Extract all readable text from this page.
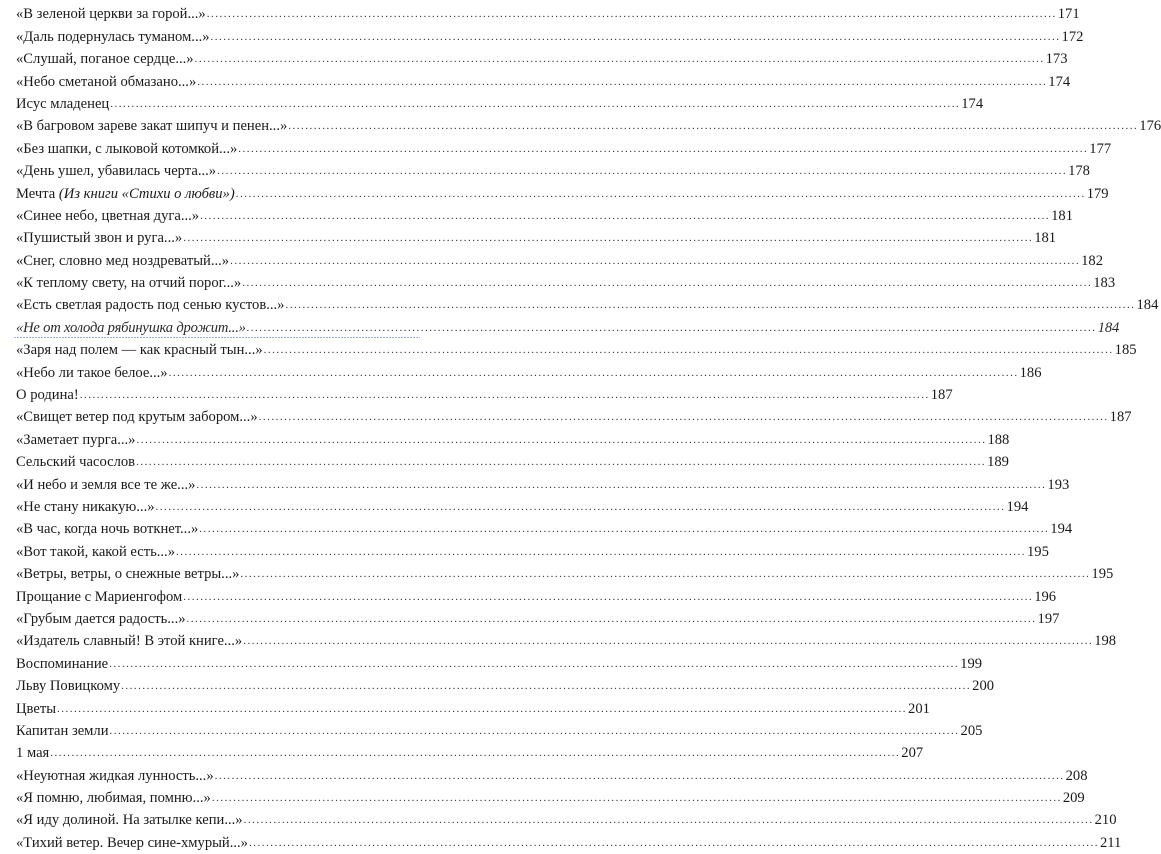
«В зеленой церкви за горой...» ........................................................................................................................................................................................................ 171
«Даль подернулась туманом...» ........................................................................................................................................................................................................ 172
«Слушай, поганое сердце...» ........................................................................................................................................................................................................ 173
«Небо сметаной обмазано...» ........................................................................................................................................................................................................ 174
Исус младенец ........................................................................................................................................................................................................ 174
«В багровом зареве закат шипуч и пенен...» ........................................................................................................................................................................................................ 176
«Без шапки, с лыковой котомкой...» ........................................................................................................................................................................................................ 177
«День ушел, убавилась черта...» ........................................................................................................................................................................................................ 178
Мечта (Из книги «Стихи о любви») ........................................................................................................................................................................................................ 179
«Синее небо, цветная дуга...» ........................................................................................................................................................................................................ 181
«Пушистый звон и руга...» ........................................................................................................................................................................................................ 181
«Снег, словно мед ноздреватый...» ........................................................................................................................................................................................................ 182
«К теплому свету, на отчий порог...» ........................................................................................................................................................................................................ 183
«Есть светлая радость под сенью кустов...» ........................................................................................................................................................................................................ 184
«Не от холода рябинушка дрожит...» ........................................................................................................................................................................................................ 184
«Заря над полем — как красный тын...» ........................................................................................................................................................................................................ 185
«Небо ли такое белое...» ........................................................................................................................................................................................................ 186
О родина! ........................................................................................................................................................................................................ 187
«Свищет ветер под крутым забором...» ........................................................................................................................................................................................................ 187
«Заметает пурга...» ........................................................................................................................................................................................................ 188
Сельский часослов ........................................................................................................................................................................................................ 189
«И небо и земля все те же...» ........................................................................................................................................................................................................ 193
«Не стану никакую...» ........................................................................................................................................................................................................ 194
«В час, когда ночь воткнет...» ........................................................................................................................................................................................................ 194
«Вот такой, какой есть...» ........................................................................................................................................................................................................ 195
«Ветры, ветры, о снежные ветры...» ........................................................................................................................................................................................................ 195
Прощание с Мариенгофом ........................................................................................................................................................................................................ 196
«Грубым дается радость...» ........................................................................................................................................................................................................ 197
«Издатель славный! В этой книге...» ........................................................................................................................................................................................................ 198
Воспоминание ........................................................................................................................................................................................................ 199
Льву Повицкому ........................................................................................................................................................................................................ 200
Цветы ........................................................................................................................................................................................................ 201
Капитан земли ........................................................................................................................................................................................................ 205
1 мая ........................................................................................................................................................................................................ 207
«Неуютная жидкая лунность...» ........................................................................................................................................................................................................ 208
«Я помню, любимая, помню...» ........................................................................................................................................................................................................ 209
«Я иду долиной. На затылке кепи...» ........................................................................................................................................................................................................ 210
«Тихий ветер. Вечер сине-хмурый...» ........................................................................................................................................................................................................ 211
